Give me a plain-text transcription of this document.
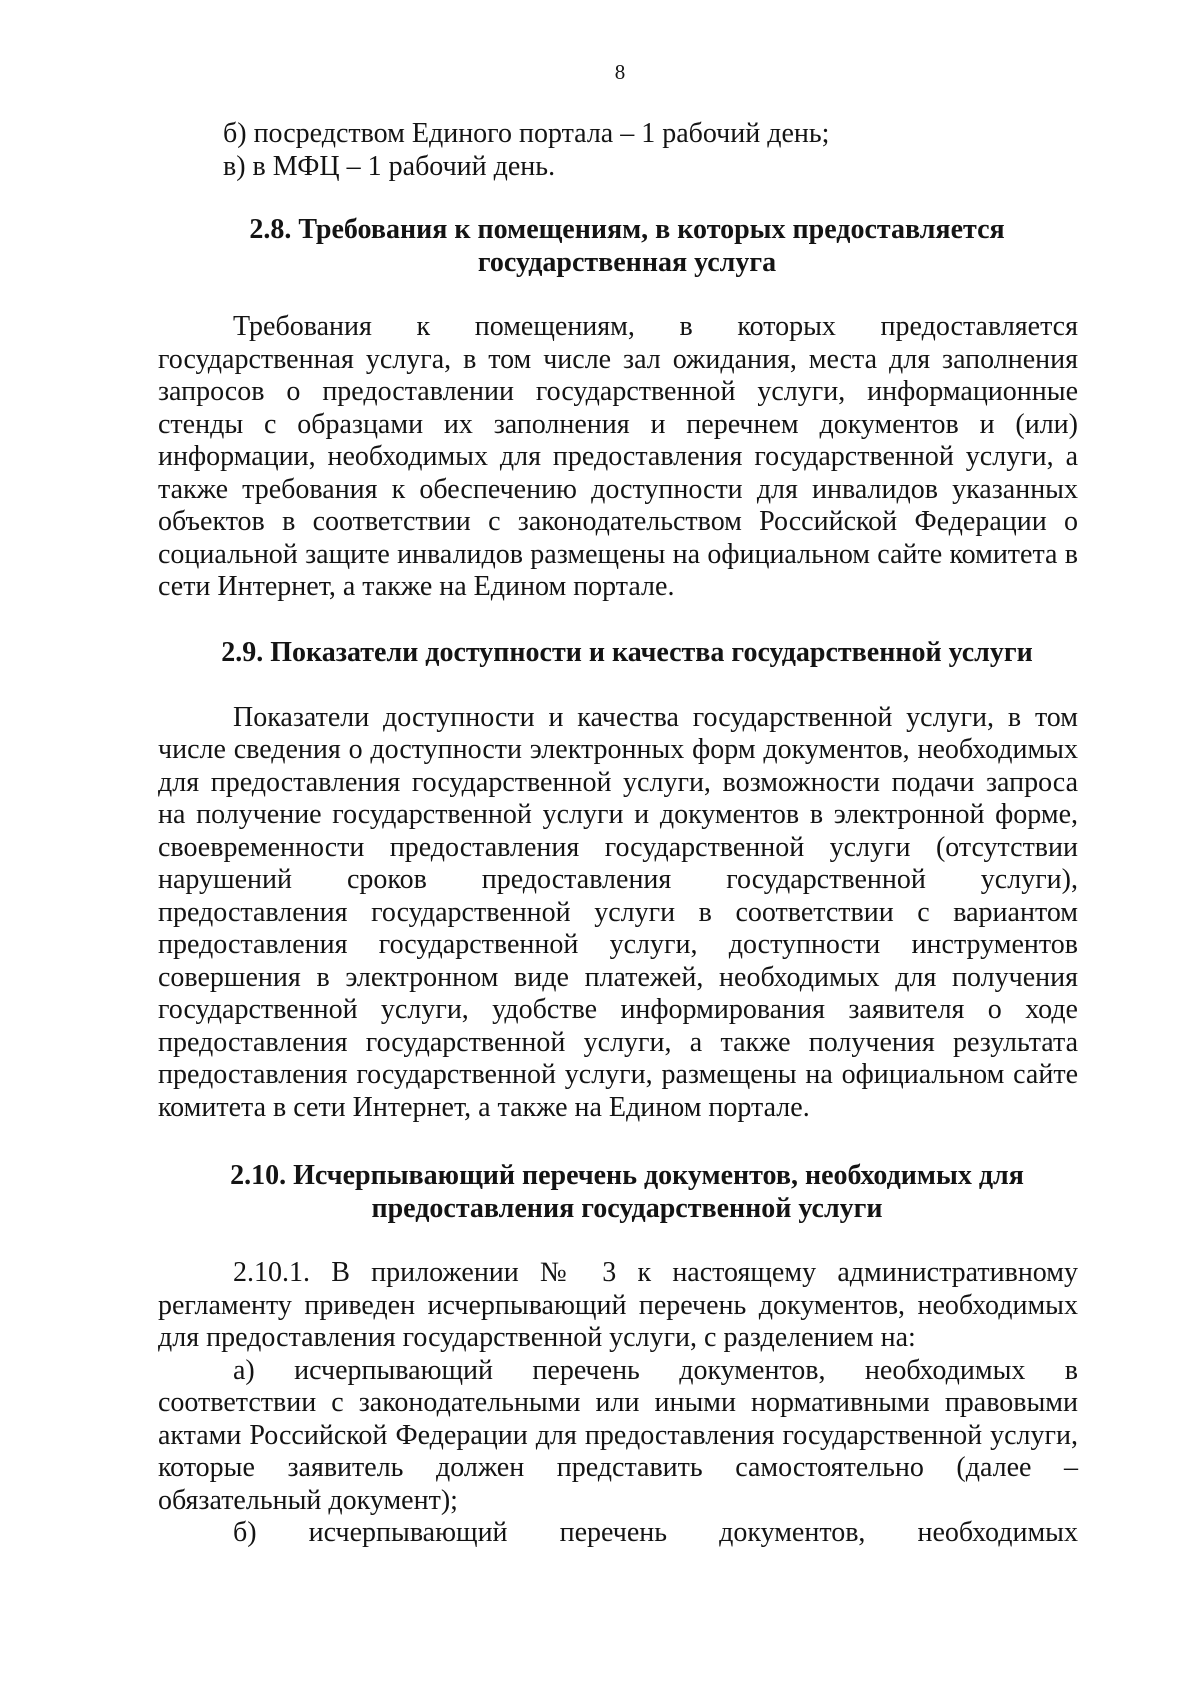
8

б) посредством Единого портала – 1 рабочий день;

в) в МФЦ – 1 рабочий день.

2.8. Требования к помещениям, в которых предоставляется государственная услуга

Требования к помещениям, в которых предоставляется государственная услуга, в том числе зал ожидания, места для заполнения запросов о предоставлении государственной услуги, информационные стенды с образцами их заполнения и перечнем документов и (или) информации, необходимых для предоставления государственной услуги, а также требования к обеспечению доступности для инвалидов указанных объектов в соответствии с законодательством Российской Федерации о социальной защите инвалидов размещены на официальном сайте комитета в сети Интернет, а также на Едином портале.

2.9. Показатели доступности и качества государственной услуги

Показатели доступности и качества государственной услуги, в том числе сведения о доступности электронных форм документов, необходимых для предоставления государственной услуги, возможности подачи запроса на получение государственной услуги и документов в электронной форме, своевременности предоставления государственной услуги (отсутствии нарушений сроков предоставления государственной услуги), предоставления государственной услуги в соответствии с вариантом предоставления государственной услуги, доступности инструментов совершения в электронном виде платежей, необходимых для получения государственной услуги, удобстве информирования заявителя о ходе предоставления государственной услуги, а также получения результата предоставления государственной услуги, размещены на официальном сайте комитета в сети Интернет, а также на Едином портале.

2.10. Исчерпывающий перечень документов, необходимых для предоставления государственной услуги

2.10.1. В приложении № 3 к настоящему административному регламенту приведен исчерпывающий перечень документов, необходимых для предоставления государственной услуги, с разделением на:

а) исчерпывающий перечень документов, необходимых в соответствии с законодательными или иными нормативными правовыми актами Российской Федерации для предоставления государственной услуги, которые заявитель должен представить самостоятельно (далее – обязательный документ);

б) исчерпывающий перечень документов, необходимых
